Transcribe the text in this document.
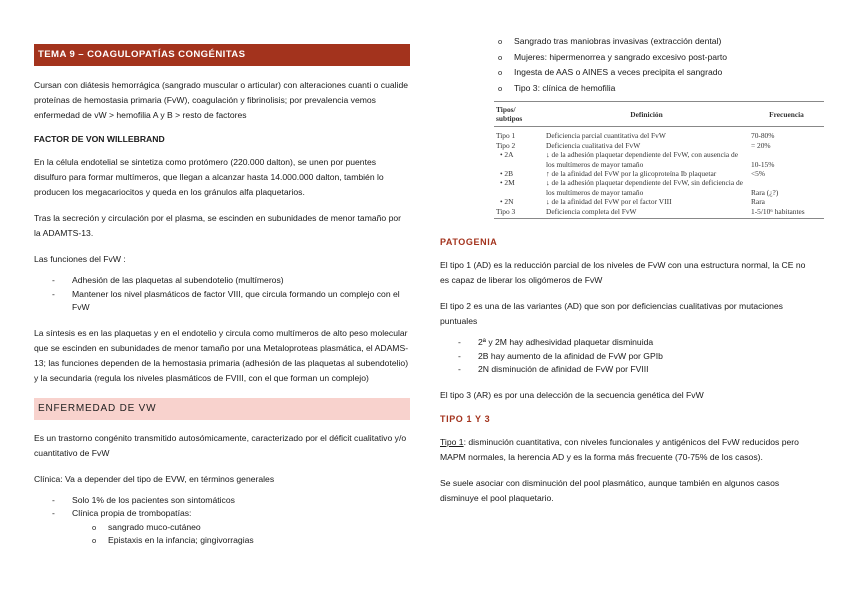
TEMA 9 – COAGULOPATÍAS CONGÉNITAS

Cursan con diátesis hemorrágica (sangrado muscular o articular) con alteraciones cuanti o cualide proteínas de hemostasia primaria (FvW), coagulación y fibrinolisis; por prevalencia vemos enfermedad de vW > hemofilia A y B > resto de factores

FACTOR DE VON WILLEBRAND

En la célula endotelial se sintetiza como protómero (220.000 dalton), se unen por puentes disulfuro para formar multímeros, que llegan a alcanzar hasta 14.000.000 dalton, también lo producen los megacariocitos y queda en los gránulos alfa plaquetarios.

Tras la secreción y circulación por el plasma, se escinden en subunidades de menor tamaño por la ADAMTS-13.

Las funciones del FvW :

- Adhesión de las plaquetas al subendotelio (multímeros)
- Mantener los nivel plasmáticos de factor VIII, que circula formando un complejo con el FvW

La síntesis es en las plaquetas y en el endotelio y circula como multímeros de alto peso molecular que se escinden en subunidades de menor tamaño por una Metaloproteas plasmática, el ADAMS-13; las funciones dependen de la hemostasia primaria (adhesión de las plaquetas al subendotelio) y la secundaria (regula los niveles plasmáticos de FVIII, con el que forman un complejo)

ENFERMEDAD DE VW

Es un trastorno congénito transmitido autosómicamente, caracterizado por el déficit cualitativo y/o cuantitativo de FvW

Clínica: Va a depender del tipo de EVW, en términos generales

- Solo 1% de los pacientes son sintomáticos
- Clínica propia de trombopatías:
o sangrado muco-cutáneo
o Epistaxis en la infancia; gingivorragias
o Sangrado tras maniobras invasivas (extracción dental)
o Mujeres: hipermenorrea y sangrado excesivo post-parto
o Ingesta de AAS o AINES a veces precipita el sangrado
o Tipo 3: clínica de hemofilia
Tipos/ subtipos	Definición	Frecuencia
Tipo 1	Deficiencia parcial cuantitativa del FvW	70-80%
Tipo 2	Deficiencia cualitativa del FvW	= 20%
• 2A	↓ de la adhesión plaquetar dependiente del FvW, con ausencia de los multímeros de mayor tamaño	10-15%
• 2B	↑ de la afinidad del FvW por la glicoproteína Ib plaquetar	<5%
• 2M	↓ de la adhesión plaquetar dependiente del FvW, sin deficiencia de los multímeros de mayor tamaño	Rara (¿?)
• 2N	↓ de la afinidad del FvW por el factor VIII	Rara
Tipo 3	Deficiencia completa del FvW	1-5/10⁶ habitantes
PATOGENIA

El tipo 1 (AD) es la reducción parcial de los niveles de FvW con una estructura normal, la CE no es capaz de liberar los oligómeros de FvW

El tipo 2 es una de las variantes (AD) que son por deficiencias cualitativas por mutaciones puntuales

- 2ª y 2M hay adhesividad plaquetar disminuida
- 2B hay aumento de la afinidad de FvW por GPIb
- 2N disminución de afinidad de FvW por FVIII

El tipo 3 (AR) es por una delección de la secuencia genética del FvW

TIPO 1 Y 3

Tipo 1: disminución cuantitativa, con niveles funcionales y antigénicos del FvW reducidos pero MAPM normales, la herencia AD y es la forma más frecuente (70-75% de los casos).

Se suele asociar con disminución del pool plasmático, aunque también en algunos casos disminuye el pool plaquetario.
